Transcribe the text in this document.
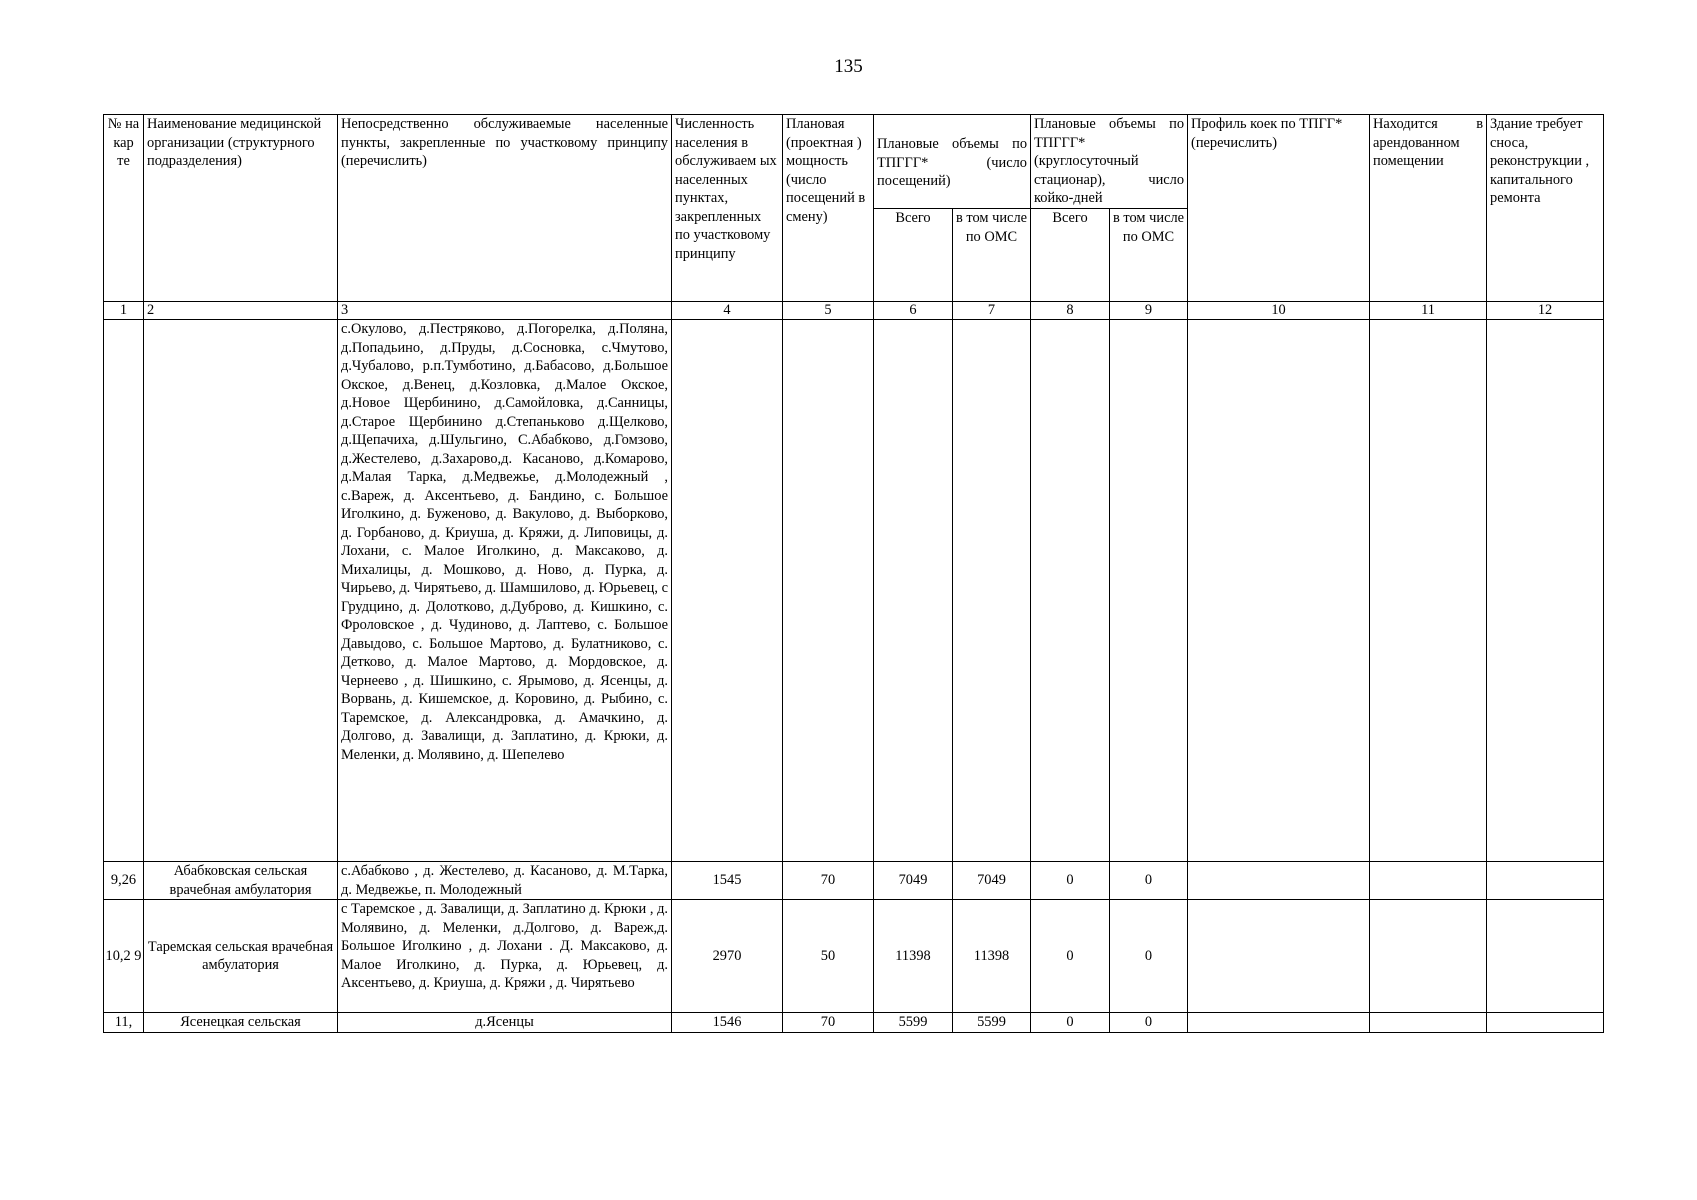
135
№ на кар те	Наименование медицинской организации (структурного подразделения)	Непосредственно обслуживаемые населенные пункты, закрепленные по участковому принципу (перечислить)	Численность населения в обслуживаем ых населенных пунктах, закрепленных по участковому принципу	Плановая (проектная ) мощность (число посещений в смену)	Плановые объемы по ТПГГГ* (число посещений)		Плановые объемы по ТПГГГ* (круглосуточный стационар), число койко-дней		Профиль коек по ТПГГ* (перечислить)	Находится в арендованном помещении	Здание требует сноса, реконструкции , капитального ремонта
					Всего	в том числе по ОМС	Всего	в том числе по ОМС			
1	2	3	4	5	6	7	8	9	10	11	12
		с.Окулово, д.Пестряково, д.Погорелка, д.Поляна, д.Попадьино, д.Пруды, д.Сосновка, с.Чмутово, д.Чубалово, р.п.Тумботино, д.Бабасово, д.Большое Окское, д.Венец, д.Козловка, д.Малое Окское, д.Новое Щербинино, д.Самойловка, д.Санницы, д.Старое Щербинино д.Степаньково д.Щелково, д.Щепачиха, д.Шульгино, С.Абабково, д.Гомзово, д.Жестелево, д.Захарово,д. Касаново, д.Комарово, д.Малая Тарка, д.Медвежье, д.Молодежный , с.Вареж, д. Аксентьево, д. Бандино, с. Большое Иголкино, д. Буженово, д. Вакулово, д. Выборково, д. Горбаново, д. Криуша, д. Кряжи, д. Липовицы, д. Лохани, с. Малое Иголкино, д. Максаково, д. Михалицы, д. Мошково, д. Ново, д. Пурка, д. Чирьево, д. Чирятьево, д. Шамшилово, д. Юрьевец, с Грудцино, д. Долотково, д.Дуброво, д. Кишкино, с. Фроловское , д. Чудиново, д. Лаптево, с. Большое Давыдово, с. Большое Мартово, д. Булатниково, с. Детково, д. Малое Мартово, д. Мордовское, д. Чернеево , д. Шишкино, с. Ярымово, д. Ясенцы, д. Ворвань, д. Кишемское, д. Коровино, д. Рыбино, с. Таремское, д. Александровка, д. Амачкино, д. Долгово, д. Завалищи, д. Заплатино, д. Крюки, д. Меленки, д. Молявино, д. Шепелево									
9,26	Абабковская сельская врачебная амбулатория	с.Абабково , д. Жестелево, д. Касаново, д. М.Тарка, д. Медвежье, п. Молодежный	1545	70	7049	7049	0	0			
10,2 9	Таремская сельская врачебная амбулатория	с Таремское , д. Завалищи, д. Заплатино д. Крюки , д. Молявино, д. Меленки, д.Долгово, д. Вареж,д. Большое Иголкино , д. Лохани . Д. Максаково, д. Малое Иголкино, д. Пурка, д. Юрьевец, д. Аксентьево, д. Криуша, д. Кряжи , д. Чирятьево	2970	50	11398	11398	0	0			
11,	Ясенецкая сельская	д.Ясенцы	1546	70	5599	5599	0	0			
